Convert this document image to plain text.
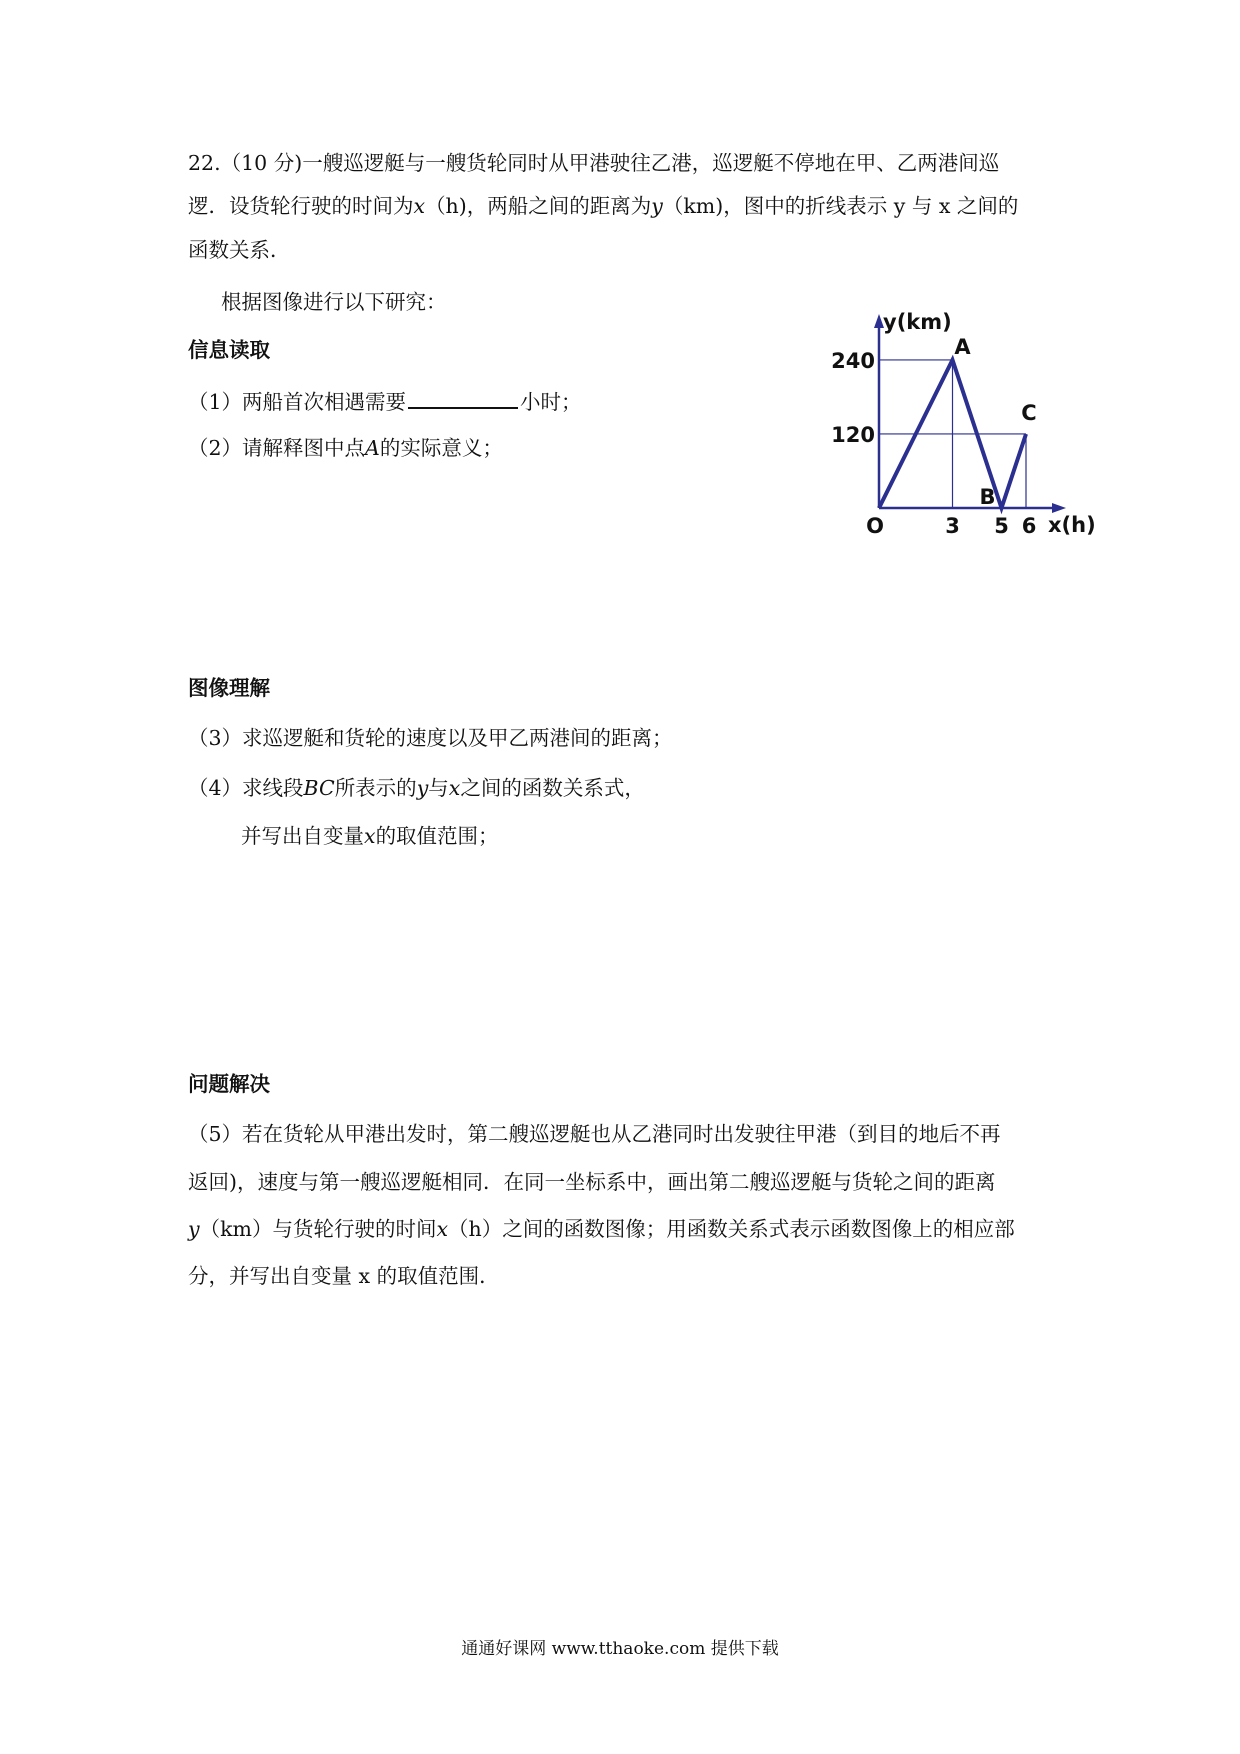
22.（10 分)一艘巡逻艇与一艘货轮同时从甲港驶往乙港，巡逻艇不停地在甲、乙两港间巡
逻．设货轮行驶的时间为x（h)，两船之间的距离为y（km)，图中的折线表示 y 与 x 之间的
函数关系．
根据图像进行以下研究：
信息读取
（1）两船首次相遇需要	小时；
（2）请解释图中点A的实际意义；
y(km)
x(h)
O
240
120
3 5 6
A
B
C
图像理解
（3）求巡逻艇和货轮的速度以及甲乙两港间的距离；
（4）求线段BC所表示的y与x之间的函数关系式，
并写出自变量x的取值范围；
问题解决
（5）若在货轮从甲港出发时，第二艘巡逻艇也从乙港同时出发驶往甲港（到目的地后不再
返回)，速度与第一艘巡逻艇相同．在同一坐标系中，画出第二艘巡逻艇与货轮之间的距离
y（km）与货轮行驶的时间x（h）之间的函数图像；用函数关系式表示函数图像上的相应部
分，并写出自变量 x 的取值范围．
通通好课网 www.tthaoke.com 提供下载
